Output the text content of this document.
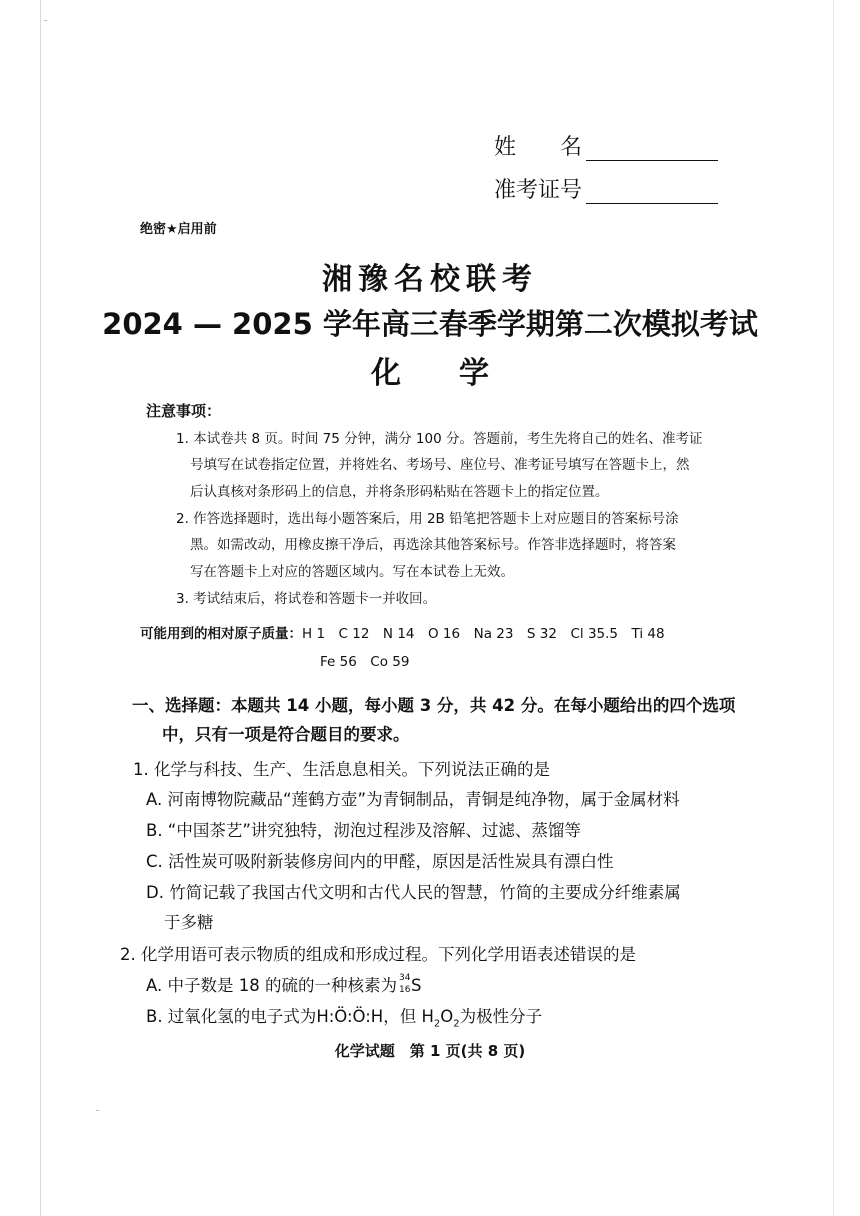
姓 名
准考证号
绝密★启用前
湘豫名校联考
2024 — 2025 学年高三春季学期第二次模拟考试
化 学
注意事项：
1. 本试卷共 8 页。时间 75 分钟，满分 100 分。答题前，考生先将自己的姓名、准考证
号填写在试卷指定位置，并将姓名、考场号、座位号、准考证号填写在答题卡上，然
后认真核对条形码上的信息，并将条形码粘贴在答题卡上的指定位置。
2. 作答选择题时，选出每小题答案后，用 2B 铅笔把答题卡上对应题目的答案标号涂
黑。如需改动，用橡皮擦干净后，再选涂其他答案标号。作答非选择题时，将答案
写在答题卡上对应的答题区域内。写在本试卷上无效。
3. 考试结束后，将试卷和答题卡一并收回。
可能用到的相对原子质量：H 1　C 12　N 14　O 16　Na 23　S 32　Cl 35.5　Ti 48
Fe 56　Co 59
一、选择题：本题共 14 小题，每小题 3 分，共 42 分。在每小题给出的四个选项
中，只有一项是符合题目的要求。
1. 化学与科技、生产、生活息息相关。下列说法正确的是
A. 河南博物院藏品“莲鹤方壶”为青铜制品，青铜是纯净物，属于金属材料
B. “中国茶艺”讲究独特，沏泡过程涉及溶解、过滤、蒸馏等
C. 活性炭可吸附新装修房间内的甲醛，原因是活性炭具有漂白性
D. 竹简记载了我国古代文明和古代人民的智慧，竹简的主要成分纤维素属
于多糖
2. 化学用语可表示物质的组成和形成过程。下列化学用语表述错误的是
A. 中子数是 18 的硫的一种核素为 34
16 S
B. 过氧化氢的电子式为H:Ö:Ö:H，但 $H_2O_2$为极性分子
化学试题　第 1 页(共 8 页)
